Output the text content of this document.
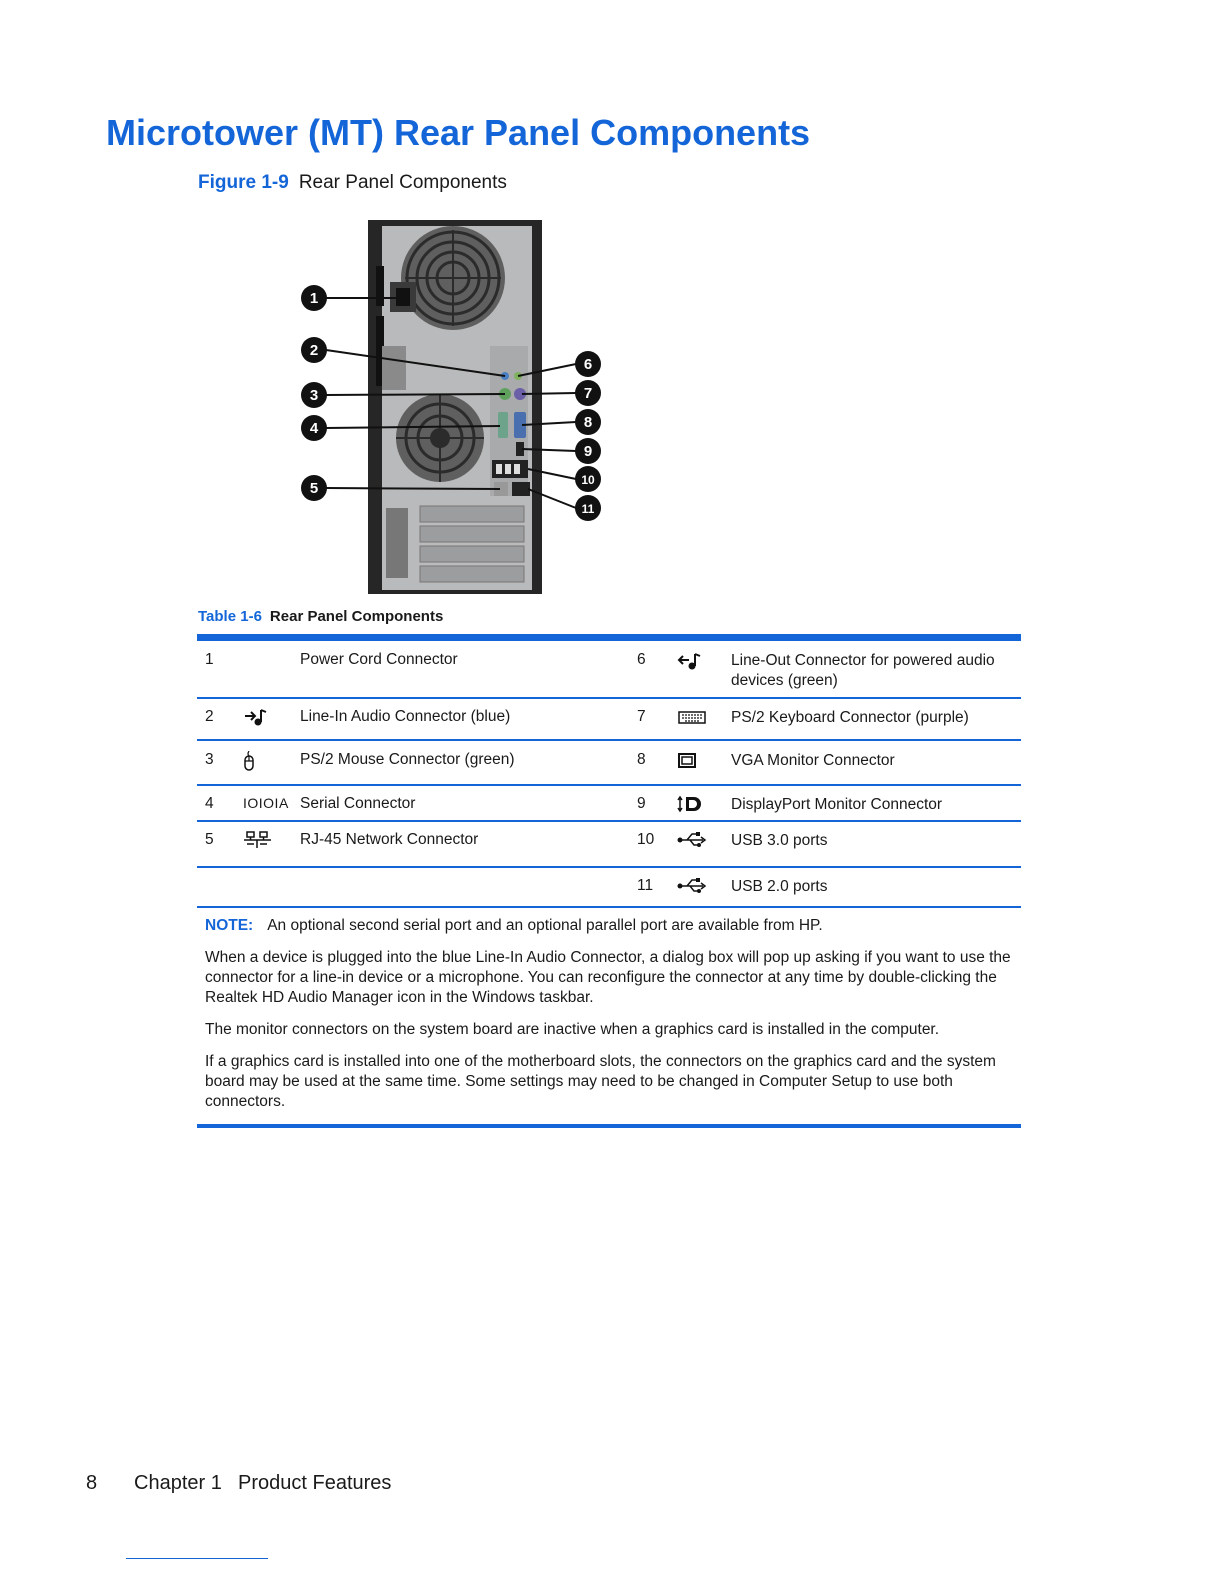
Microtower (MT) Rear Panel Components
Figure 1-9 Rear Panel Components
1
2
3
4
5
6
7
8
9
10
11
Table 1-6 Rear Panel Components
1	Power Cord Connector	6	Line-Out Connector for powered audio devices (green)
2	Line-In Audio Connector (blue)	7	PS/2 Keyboard Connector (purple)
3	PS/2 Mouse Connector (green)	8	VGA Monitor Connector
4 IOIOIA Serial Connector	9	DisplayPort Monitor Connector
5	RJ-45 Network Connector	10	USB 3.0 ports
11	USB 2.0 ports

NOTE: An optional second serial port and an optional parallel port are available from HP.

When a device is plugged into the blue Line-In Audio Connector, a dialog box will pop up asking if you want to use the connector for a line-in device or a microphone. You can reconfigure the connector at any time by double-clicking the Realtek HD Audio Manager icon in the Windows taskbar.

The monitor connectors on the system board are inactive when a graphics card is installed in the computer.

If a graphics card is installed into one of the motherboard slots, the connectors on the graphics card and the system board may be used at the same time. Some settings may need to be changed in Computer Setup to use both connectors.

8 Chapter 1 Product Features
